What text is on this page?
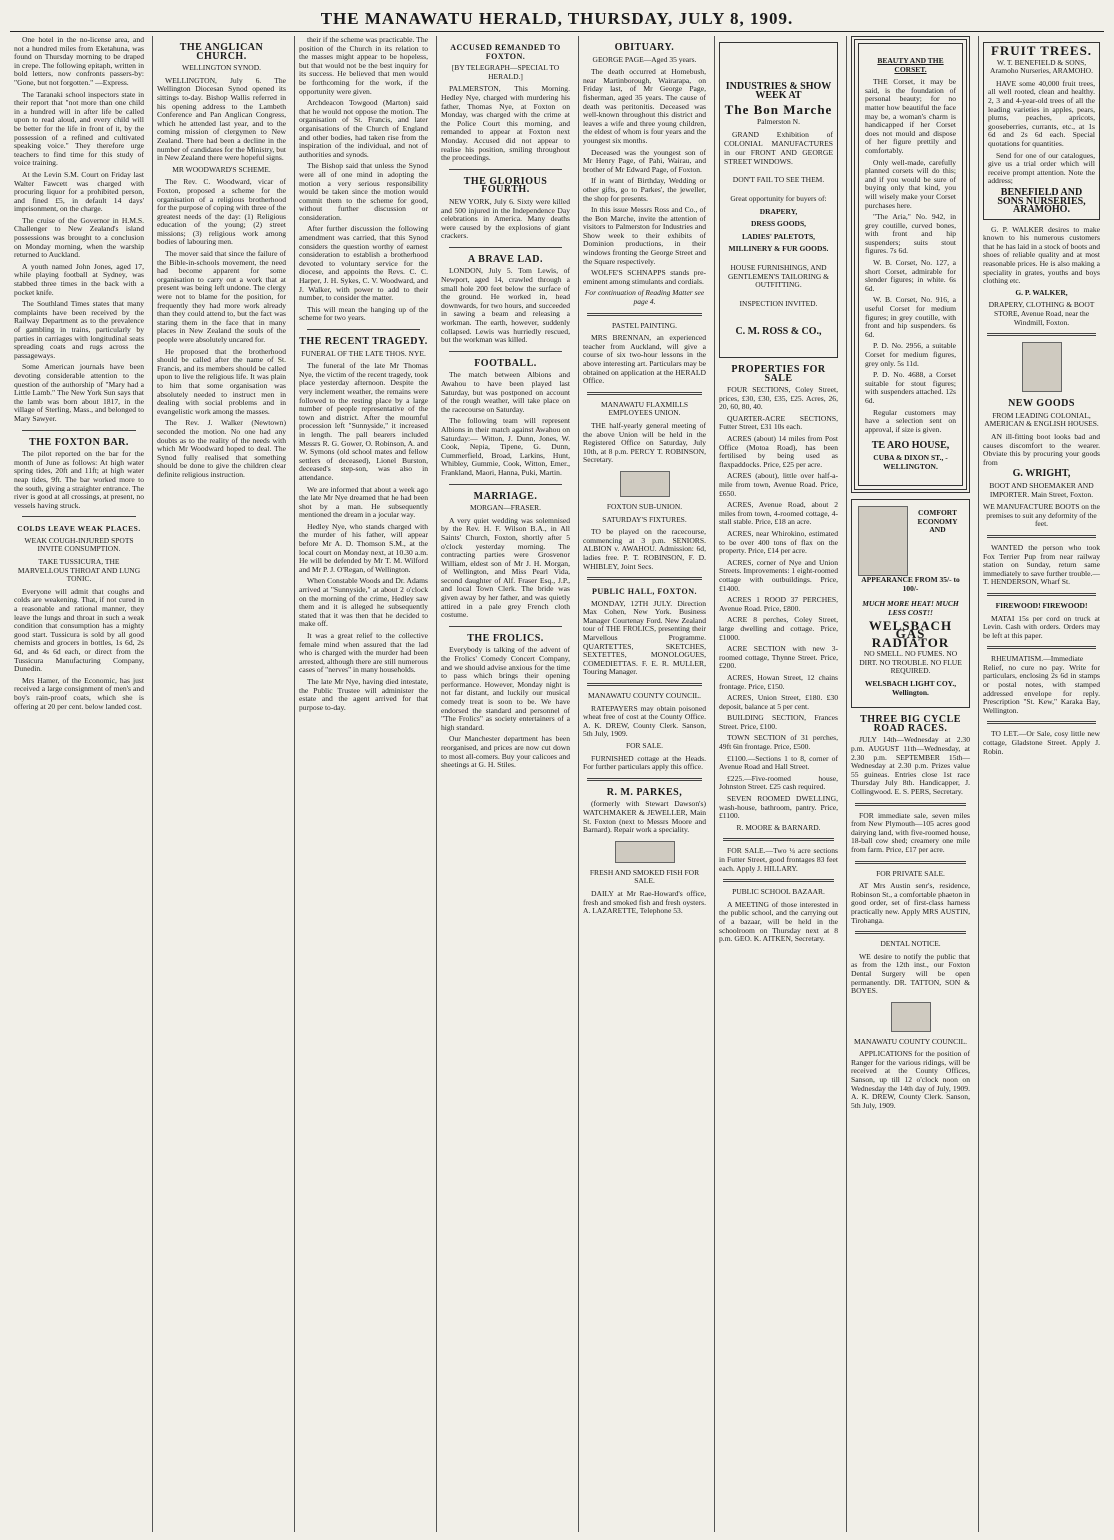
THE MANAWATU HERALD, THURSDAY, JULY 8, 1909.

One hotel in the no-license area, and not a hundred miles from Eketahuna, was found on Thursday morning to be draped in crepe. The following epitaph, written in bold letters, now confronts passers-by: "Gone, but not forgotten." —Express.

The Taranaki school inspectors state in their report that "not more than one child in a hundred will in after life be called upon to read aloud, and every child will be better for the life in front of it, by the possession of a refined and cultivated speaking voice." They therefore urge teachers to find time for this study of voice training.

At the Levin S.M. Court on Friday last Walter Fawcett was charged with procuring liquor for a prohibited person, and fined £5, in default 14 days' imprisonment, on the charge.

The cruise of the Governor in H.M.S. Challenger to New Zealand's island possessions was brought to a conclusion on Monday morning, when the warship returned to Auckland.

A youth named John Jones, aged 17, while playing football at Sydney, was stabbed three times in the back with a pocket knife.

The Southland Times states that many complaints have been received by the Railway Department as to the prevalence of gambling in trains, particularly by parties in carriages with longitudinal seats spreading coats and rugs across the passageways.

Some American journals have been devoting considerable attention to the question of the authorship of "Mary had a Little Lamb." The New York Sun says that the lamb was born about 1817, in the village of Sterling, Mass., and belonged to Mary Sawyer.

THE FOXTON BAR.

The pilot reported on the bar for the month of June as follows: At high water spring tides, 20ft and 11ft; at high water neap tides, 9ft. The bar worked more to the south, giving a straighter entrance. The river is good at all crossings, at present, no vessels having struck.

COLDS LEAVE WEAK PLACES.
WEAK COUGH-INJURED SPOTS INVITE CONSUMPTION.
TAKE TUSSICURA, THE MARVELLOUS THROAT AND LUNG TONIC.

Everyone will admit that coughs and colds are weakening. That, if not cured in a reasonable and rational manner, they leave the lungs and throat in such a weak condition that consumption has a mighty good start. Tussicura is sold by all good chemists and grocers in bottles, 1s 6d, 2s 6d, and 4s 6d each, or direct from the Tussicura Manufacturing Company, Dunedin.

Mrs Hamer, of the Economic, has just received a large consignment of men's and boy's rain-proof coats, which she is offering at 20 per cent. below landed cost.

THE ANGLICAN CHURCH.
WELLINGTON SYNOD.

WELLINGTON, July 6. The Wellington Diocesan Synod opened its sittings to-day. Bishop Wallis referred in his opening address to the Lambeth Conference and Pan Anglican Congress, which he attended last year, and to the coming mission of clergymen to New Zealand. There had been a decline in the number of candidates for the Ministry, but in New Zealand there were hopeful signs.

MR WOODWARD'S SCHEME.

The Rev. C. Woodward, vicar of Foxton, proposed a scheme for the organisation of a religious brotherhood for the purpose of coping with three of the greatest needs of the day: (1) Religious education of the young; (2) street missions; (3) religious work among bodies of labouring men.

The mover said that since the failure of the Bible-in-schools movement, the need had become apparent for some organisation to carry out a work that at present was being left undone. The clergy were not to blame for the position, for frequently they had more work already than they could attend to, but the fact was staring them in the face that in many places in New Zealand the souls of the people were absolutely uncared for.

He proposed that the brotherhood should be called after the name of St. Francis, and its members should be called upon to live the religious life. It was plain to him that some organisation was absolutely needed to instruct men in dealing with social problems and in evangelistic work among the masses.

The Rev. J. Walker (Newtown) seconded the motion. No one had any doubts as to the reality of the needs with which Mr Woodward hoped to deal. The Synod fully realised that something should be done to give the children clear definite religious instruction.

their if the scheme was practicable. The position of the Church in its relation to the masses might appear to be hopeless, but that would not be the best inquiry for its success. He believed that men would be forthcoming for the work, if the opportunity were given.

Archdeacon Towgood (Marton) said that he would not oppose the motion. The organisation of St. Francis, and later organisations of the Church of England and other bodies, had taken rise from the inspiration of the individual, and not of authorities and synods.

The Bishop said that unless the Synod were all of one mind in adopting the motion a very serious responsibility would be taken since the motion would commit them to the scheme for good, without further discussion or consideration.

After further discussion the following amendment was carried, that this Synod considers the question worthy of earnest consideration to establish a brotherhood devoted to voluntary service for the diocese, and appoints the Revs. C. C. Harper, J. H. Sykes, C. V. Woodward, and J. Walker, with power to add to their number, to consider the matter.

This will mean the hanging up of the scheme for two years.

THE RECENT TRAGEDY.
FUNERAL OF THE LATE THOS. NYE.

The funeral of the late Mr Thomas Nye, the victim of the recent tragedy, took place yesterday afternoon. Despite the very inclement weather, the remains were followed to the resting place by a large number of people representative of the town and district. After the mournful procession left "Sunnyside," it increased in length. The pall bearers included Messrs R. G. Gower, O. Robinson, A. and W. Symons (old school mates and fellow settlers of deceased), Lionel Burston, deceased's step-son, was also in attendance.

We are informed that about a week ago the late Mr Nye dreamed that he had been shot by a man. He subsequently mentioned the dream in a jocular way.

Hedley Nye, who stands charged with the murder of his father, will appear before Mr A. D. Thomson S.M., at the local court on Monday next, at 10.30 a.m. He will be defended by Mr T. M. Wilford and Mr P. J. O'Regan, of Wellington.

When Constable Woods and Dr. Adams arrived at "Sunnyside," at about 2 o'clock on the morning of the crime, Hedley saw them and it is alleged he subsequently stated that it was then that he decided to make off.

It was a great relief to the collective female mind when assured that the lad who is charged with the murder had been arrested, although there are still numerous cases of "nerves" in many households.

The late Mr Nye, having died intestate, the Public Trustee will administer the estate and the agent arrived for that purpose to-day.

ACCUSED REMANDED TO FOXTON.
[BY TELEGRAPH—SPECIAL TO HERALD.]

PALMERSTON, This Morning. Hedley Nye, charged with murdering his father, Thomas Nye, at Foxton on Monday, was charged with the crime at the Police Court this morning, and remanded to appear at Foxton next Monday. Accused did not appear to realise his position, smiling throughout the proceedings.

THE GLORIOUS FOURTH.

NEW YORK, July 6. Sixty were killed and 500 injured in the Independence Day celebrations in America. Many deaths were caused by the explosions of giant crackers.

A BRAVE LAD.

LONDON, July 5. Tom Lewis, of Newport, aged 14, crawled through a small hole 200 feet below the surface of the ground. He worked in, head downwards, for two hours, and succeeded in sawing a beam and releasing a workman. The earth, however, suddenly collapsed. Lewis was hurriedly rescued, but the workman was killed.

FOOTBALL.

The match between Albions and Awahou to have been played last Saturday, but was postponed on account of the rough weather, will take place on the racecourse on Saturday.

The following team will represent Albions in their match against Awahou on Saturday:— Witton, J. Dunn, Jones, W. Cook, Nepia, Tipene, G. Dunn, Cummerfield, Broad, Larkins, Hunt, Whibley, Gummie, Cook, Witton, Emer., Frankland, Maori, Hanna, Puki, Martin.

MARRIAGE.
MORGAN—FRASER.

A very quiet wedding was solemnised by the Rev. H. F. Wilson B.A., in All Saints' Church, Foxton, shortly after 5 o'clock yesterday morning. The contracting parties were Grosvenor William, eldest son of Mr J. H. Morgan, of Wellington, and Miss Pearl Vida, second daughter of Alf. Fraser Esq., J.P., and local Town Clerk. The bride was given away by her father, and was quietly attired in a pale grey French cloth costume.

THE FROLICS.

Everybody is talking of the advent of the Frolics' Comedy Concert Company, and we should advise anxious for the time to pass which brings their opening performance. However, Monday night is not far distant, and luckily our musical comedy treat is soon to be. We have endorsed the standard and personnel of "The Frolics" as society entertainers of a high standard.

Our Manchester department has been reorganised, and prices are now cut down to most all-comers. Buy your calicoes and sheetings at G. H. Stiles.

OBITUARY.
GEORGE PAGE—Aged 35 years.

The death occurred at Homebush, near Martinborough, Wairarapa, on Friday last, of Mr George Page, fisherman, aged 35 years. The cause of death was peritonitis. Deceased was well-known throughout this district and leaves a wife and three young children, the eldest of whom is four years and the youngest six months.

Deceased was the youngest son of Mr Henry Page, of Pahi, Wairau, and brother of Mr Edward Page, of Foxton.

If in want of Birthday, Wedding or other gifts, go to Parkes', the jeweller, the shop for presents.

In this issue Messrs Ross and Co., of the Bon Marche, invite the attention of visitors to Palmerston for Industries and Show week to their exhibits of Dominion productions, in their windows fronting the George Street and the Square respectively.

WOLFE'S SCHNAPPS stands pre-eminent among stimulants and cordials.

For continuation of Reading Matter see page 4.
PASTEL PAINTING.

MRS BRENNAN, an experienced teacher from Auckland, will give a course of six two-hour lessons in the above interesting art. Particulars may be obtained on application at the HERALD Office.

MANAWATU FLAXMILLS EMPLOYEES UNION.

THE half-yearly general meeting of the above Union will be held in the Registered Office on Saturday, July 10th, at 8 p.m. PERCY T. ROBINSON, Secretary.

FOXTON SUB-UNION.
SATURDAY'S FIXTURES.

TO be played on the racecourse, commencing at 3 p.m. SENIORS. ALBION v. AWAHOU. Admission: 6d, ladies free. P. T. ROBINSON, F. D. WHIBLEY, Joint Secs.

PUBLIC HALL, FOXTON.

MONDAY, 12TH JULY. Direction Max Cohen, New York. Business Manager Courtenay Ford. New Zealand tour of THE FROLICS, presenting their Marvellous Programme. QUARTETTES, SKETCHES, SEXTETTES, MONOLOGUES, COMEDIETTAS. F. E. R. MULLER, Touring Manager.

MANAWATU COUNTY COUNCIL.

RATEPAYERS may obtain poisoned wheat free of cost at the County Office. A. K. DREW, County Clerk. Sanson, 5th July, 1909.

FOR SALE.

FURNISHED cottage at the Heads. For further particulars apply this office.

R. M. PARKES,

(formerly with Stewart Dawson's) WATCHMAKER & JEWELLER, Main St. Foxton (next to Messrs Moore and Barnard). Repair work a speciality.

FRESH AND SMOKED FISH FOR SALE.

DAILY at Mr Rae-Howard's office, fresh and smoked fish and fresh oysters. A. LAZARETTE, Telephone 53.

INDUSTRIES & SHOW WEEK AT
The Bon Marche
Palmerston N.

GRAND Exhibition of COLONIAL MANUFACTURES in our FRONT AND GEORGE STREET WINDOWS.

DON'T FAIL TO SEE THEM.
Great opportunity for buyers of:
DRAPERY,
DRESS GOODS,
LADIES' PALETOTS,
MILLINERY & FUR GOODS.
HOUSE FURNISHINGS, AND GENTLEMEN'S TAILORING & OUTFITTING.
INSPECTION INVITED.
C. M. ROSS & CO.,
PROPERTIES FOR SALE

FOUR SECTIONS, Coley Street, prices, £30, £30, £35, £25. Acres, 26, 20, 60, 80, 40.

QUARTER-ACRE SECTIONS, Futter Street, £31 10s each.

ACRES (about) 14 miles from Post Office (Motoa Road), has been fertilised by being used as flaxpaddocks. Price, £25 per acre.

ACRES (about), little over half-a-mile from town, Avenue Road. Price, £650.

ACRES, Avenue Road, about 2 miles from town, 4-roomed cottage, 4-stall stable. Price, £18 an acre.

ACRES, near Whirokino, estimated to be over 400 tons of flax on the property. Price, £14 per acre.

ACRES, corner of Nye and Union Streets. Improvements: 1 eight-roomed cottage with outbuildings. Price, £1400.

ACRES 1 ROOD 37 PERCHES, Avenue Road. Price, £800.

ACRE 8 perches, Coley Street, large dwelling and cottage. Price, £1000.

ACRE SECTION with new 3-roomed cottage, Thynne Street. Price, £200.

ACRES, Howan Street, 12 chains frontage. Price, £150.

ACRES, Union Street, £180. £30 deposit, balance at 5 per cent.

BUILDING SECTION, Frances Street. Price, £100.

TOWN SECTION of 31 perches, 49ft 6in frontage. Price, £500.

£1100.—Sections 1 to 8, corner of Avenue Road and Hall Street.

£225.—Five-roomed house, Johnston Street. £25 cash required.

SEVEN ROOMED DWELLING, wash-house, bathroom, pantry. Price, £1100.

R. MOORE & BARNARD.

FOR SALE.—Two ¼ acre sections in Futter Street, good frontages 83 feet each. Apply J. HILLARY.

PUBLIC SCHOOL BAZAAR.

A MEETING of those interested in the public school, and the carrying out of a bazaar, will be held in the schoolroom on Thursday next at 8 p.m. GEO. K. AITKEN, Secretary.

BEAUTY AND THE CORSET.

THE Corset, it may be said, is the foundation of personal beauty; for no matter how beautiful the face may be, a woman's charm is handicapped if her Corset does not mould and dispose of her figure prettily and comfortably.

Only well-made, carefully planned corsets will do this; and if you would be sure of buying only that kind, you will wisely make your Corset purchases here.

"The Aria," No. 942, in grey coutille, curved bones, with front and hip suspenders; suits stout figures. 7s 6d.

W. B. Corset, No. 127, a short Corset, admirable for slender figures; in white. 6s 6d.

W. B. Corset, No. 916, a useful Corset for medium figures; in grey coutille, with front and hip suspenders. 6s 6d.

P. D. No. 2956, a suitable Corset for medium figures, grey only. 5s 11d.

P. D. No. 4688, a Corset suitable for stout figures; with suspenders attached. 12s 6d.

Regular customers may have a selection sent on approval, if size is given.

TE ARO HOUSE,
CUBA & DIXON ST., - WELLINGTON.
COMFORT ECONOMY AND APPEARANCE FROM 35/- to 100/-
MUCH MORE HEAT! MUCH LESS COST!!
WELSBACH GAS RADIATOR
NO SMELL. NO FUMES. NO DIRT. NO TROUBLE. NO FLUE REQUIRED.
WELSBACH LIGHT COY., Wellington.
THREE BIG CYCLE ROAD RACES.

JULY 14th—Wednesday at 2.30 p.m. AUGUST 11th—Wednesday, at 2.30 p.m. SEPTEMBER 15th—Wednesday at 2.30 p.m. Prizes value 55 guineas. Entries close 1st race Thursday July 8th. Handicapper, J. Collingwood. E. S. PERS, Secretary.

FOR immediate sale, seven miles from New Plymouth—105 acres good dairying land, with five-roomed house, 18-ball cow shed; creamery one mile from farm. Price, £17 per acre.

FOR PRIVATE SALE.

AT Mrs Austin senr's, residence, Robinson St., a comfortable phaeton in good order, set of first-class harness practically new. Apply MRS AUSTIN, Tirohanga.

DENTAL NOTICE.

WE desire to notify the public that as from the 12th inst., our Foxton Dental Surgery will be open permanently. DR. TATTON, SON & BOYES.

MANAWATU COUNTY COUNCIL.

APPLICATIONS for the position of Ranger for the various ridings, will be received at the County Offices, Sanson, up till 12 o'clock noon on Wednesday the 14th day of July, 1909. A. K. DREW, County Clerk. Sanson, 5th July, 1909.

FRUIT TREES.
W. T. BENEFIELD & SONS, Aramoho Nurseries, ARAMOHO.

HAVE some 40,000 fruit trees, all well rooted, clean and healthy. 2, 3 and 4-year-old trees of all the leading varieties in apples, pears, plums, peaches, apricots, gooseberries, currants, etc., at 1s 6d and 2s 6d each. Special quotations for quantities.

Send for one of our catalogues, give us a trial order which will receive prompt attention. Note the address;

BENEFIELD AND SONS NURSERIES, ARAMOHO.

G. P. WALKER desires to make known to his numerous customers that he has laid in a stock of boots and shoes of reliable quality and at most reasonable prices. He is also making a speciality in grates, youths and boys clothing etc.

G. P. WALKER,
DRAPERY, CLOTHING & BOOT STORE, Avenue Road, near the Windmill, Foxton.
NEW GOODS
FROM LEADING COLONIAL, AMERICAN & ENGLISH HOUSES.

AN ill-fitting boot looks bad and causes discomfort to the wearer. Obviate this by procuring your goods from

G. WRIGHT,
BOOT AND SHOEMAKER AND IMPORTER. Main Street, Foxton.
WE MANUFACTURE BOOTS on the premises to suit any deformity of the feet.

WANTED the person who took Fox Terrier Pup from near railway station on Sunday, return same immediately to save further trouble.—T. HENDERSON, Wharf St.

FIREWOOD! FIREWOOD!

MATAI 15s per cord on truck at Levin. Cash with orders. Orders may be left at this paper.

RHEUMATISM.—Immediate Relief, no cure no pay. Write for particulars, enclosing 2s 6d in stamps or postal notes, with stamped addressed envelope for reply. Prescription "St. Kew," Karaka Bay, Wellington.

TO LET.—Or Sale, cosy little new cottage, Gladstone Street. Apply J. Robin.
